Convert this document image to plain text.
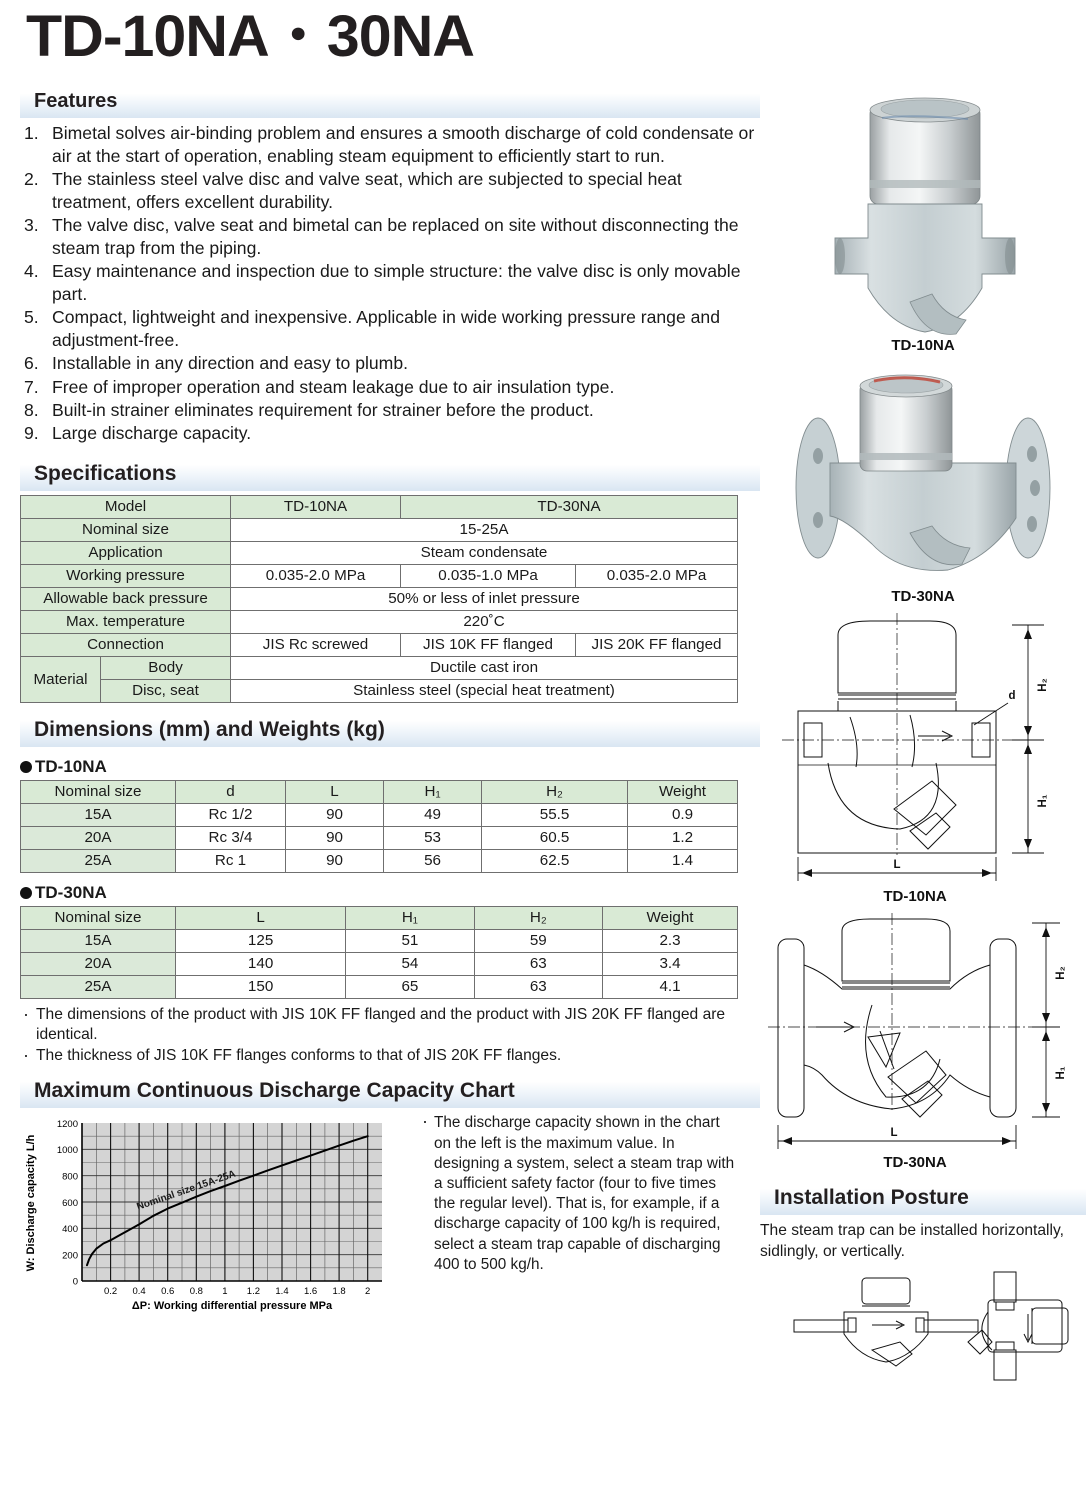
TD-10NA・30NA
Features
1. Bimetal solves air-binding problem and ensures a smooth discharge of cold condensate or air at the start of operation, enabling steam equipment to efficiently start to run.
2. The stainless steel valve disc and valve seat, which are subjected to special heat treatment, offers excellent durability.
3. The valve disc, valve seat and bimetal can be replaced on site without disconnecting the steam trap from the piping.
4. Easy maintenance and inspection due to simple structure: the valve disc is only movable part.
5. Compact, lightweight and inexpensive. Applicable in wide working pressure range and adjustment-free.
6. Installable in any direction and easy to plumb.
7. Free of improper operation and steam leakage due to air insulation type.
8. Built-in strainer eliminates requirement for strainer before the product.
9. Large discharge capacity.
Specifications
Model		TD-10NA	TD-30NA	
Nominal size		15-25A		
Application		Steam condensate		
Working pressure		0.035-2.0 MPa	0.035-1.0 MPa	0.035-2.0 MPa
Allowable back pressure		50% or less of inlet pressure		
Max. temperature		220˚C		
Connection		JIS Rc screwed	JIS 10K FF flanged	JIS 20K FF flanged
Material	Body	Ductile cast iron		
	Disc, seat	Stainless steel (special heat treatment)		
Dimensions (mm) and Weights (kg)
TD-10NA
Nominal size	d	L	H₁	H₂	Weight
15A	Rc 1/2	90	49	55.5	0.9
20A	Rc 3/4	90	53	60.5	1.2
25A	Rc 1	90	56	62.5	1.4
TD-30NA
Nominal size	L	H₁	H₂	Weight
15A	125	51	59	2.3
20A	140	54	63	3.4
25A	150	65	63	4.1
· The dimensions of the product with JIS 10K FF flanged and the product with JIS 20K FF flanged are identical.
· The thickness of JIS 10K FF flanges conforms to that of JIS 20K FF flanges.
Maximum Continuous Discharge Capacity Chart
1200
1000
800
600
400
200
0
0.2 0.4 0.6 0.8 1 1.2 1.4 1.6 1.8 2
Nominal size 15A-25A
W: Discharge capacity L/h
ΔP: Working differential pressure MPa
· The discharge capacity shown in the chart on the left is the maximum value. In designing a system, select a steam trap with a sufficient safety factor (four to five times the regular level). That is, for example, if a discharge capacity of 100 kg/h is required, select a steam trap capable of discharging 400 to 500 kg/h.
TD-10NA
TD-30NA
H₂
H₁
L
d
TD-10NA
H₂
H₁
L
TD-30NA
Installation Posture
The steam trap can be installed horizontally, sidlingly, or vertically.
